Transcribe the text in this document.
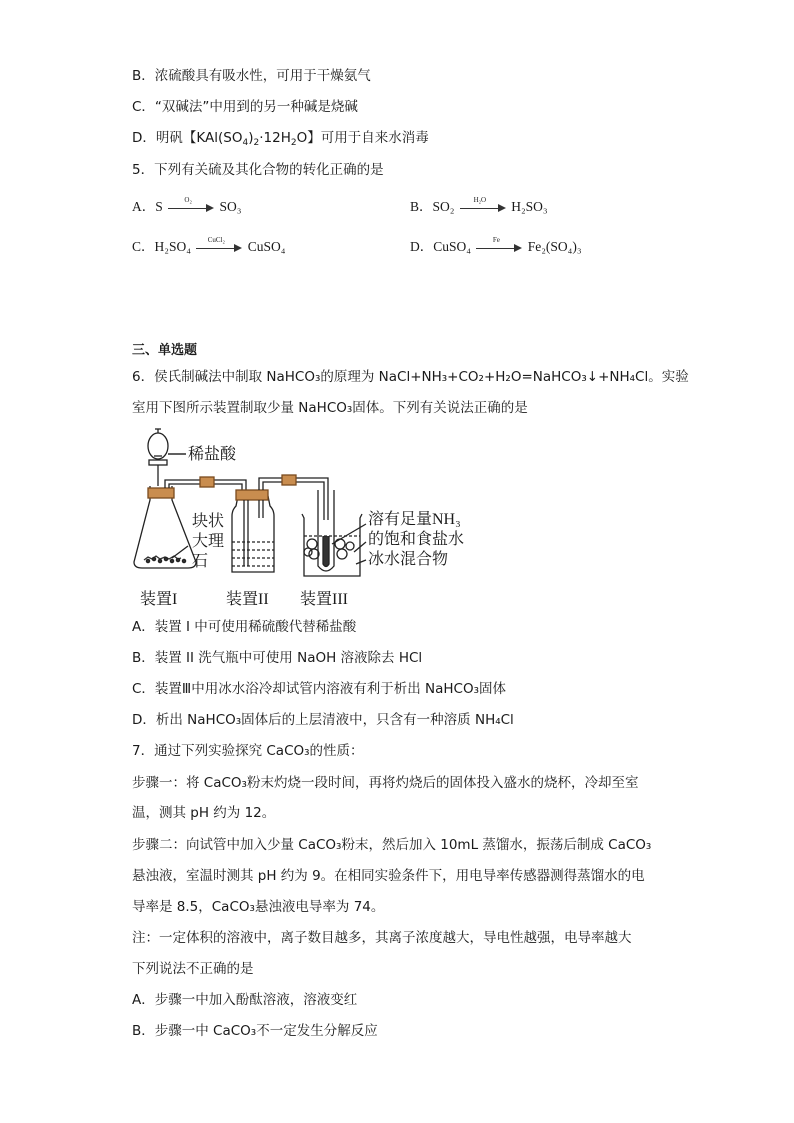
B．浓硫酸具有吸水性，可用于干燥氨气
C．“双碱法”中用到的另一种碱是烧碱
D．明矾【$KAl(SO_4)_2\cdot 12H_2O$】可用于自来水消毒
5．下列有关硫及其化合物的转化正确的是
A．S	O₂	SO₃	B．SO₂	H₂O	H₂SO₃
C．H₂SO₄	CuCl₂	CuSO₄	D．CuSO₄	Fe	Fe₂(SO₄)₃
三、单选题
6．侯氏制碱法中制取 NaHCO₃的原理为 NaCl+NH₃+CO₂+H₂O=NaHCO₃↓+NH₄Cl。实验
室用下图所示装置制取少量 NaHCO₃固体。下列有关说法正确的是
稀盐酸
块状
大理
石
溶有足量NH₃
的饱和食盐水
冰水混合物
装置I	装置II 装置III
A．装置 I 中可使用稀硫酸代替稀盐酸
B．装置 II 洗气瓶中可使用 NaOH 溶液除去 HCl
C．装置Ⅲ中用冰水浴冷却试管内溶液有利于析出 NaHCO₃固体
D．析出 NaHCO₃固体后的上层清液中，只含有一种溶质 NH₄Cl
7．通过下列实验探究 CaCO₃的性质：
步骤一：将 CaCO₃粉末灼烧一段时间，再将灼烧后的固体投入盛水的烧杯，冷却至室
温，测其 pH 约为 12。
步骤二：向试管中加入少量 CaCO₃粉末，然后加入 10mL 蒸馏水，振荡后制成 CaCO₃
悬浊液，室温时测其 pH 约为 9。在相同实验条件下，用电导率传感器测得蒸馏水的电
导率是 8.5，CaCO₃悬浊液电导率为 74。
注：一定体积的溶液中，离子数目越多，其离子浓度越大，导电性越强，电导率越大
下列说法不正确的是
A．步骤一中加入酚酞溶液，溶液变红
B．步骤一中 CaCO₃不一定发生分解反应
